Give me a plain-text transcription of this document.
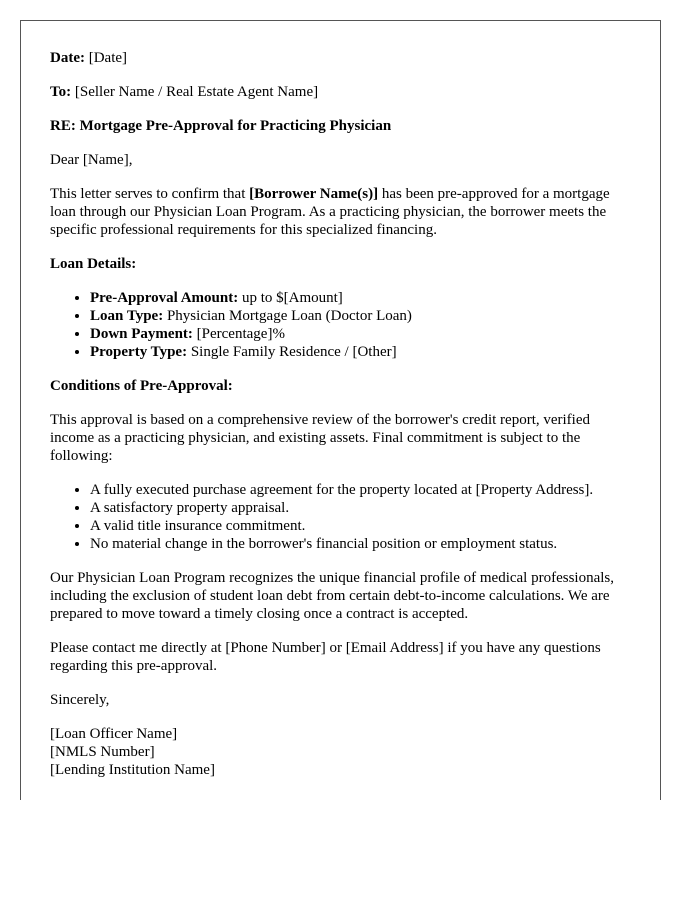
Date: [Date]

To: [Seller Name / Real Estate Agent Name]

RE: Mortgage Pre-Approval for Practicing Physician

Dear [Name],

This letter serves to confirm that [Borrower Name(s)] has been pre-approved for a mortgage loan through our Physician Loan Program. As a practicing physician, the borrower meets the specific professional requirements for this specialized financing.

Loan Details:
• Pre-Approval Amount: up to $[Amount]
• Loan Type: Physician Mortgage Loan (Doctor Loan)
• Down Payment: [Percentage]%
• Property Type: Single Family Residence / [Other]
Conditions of Pre-Approval:

This approval is based on a comprehensive review of the borrower's credit report, verified income as a practicing physician, and existing assets. Final commitment is subject to the following:

• A fully executed purchase agreement for the property located at [Property Address].
• A satisfactory property appraisal.
• A valid title insurance commitment.
• No material change in the borrower's financial position or employment status.

Our Physician Loan Program recognizes the unique financial profile of medical professionals, including the exclusion of student loan debt from certain debt-to-income calculations. We are prepared to move toward a timely closing once a contract is accepted.

Please contact me directly at [Phone Number] or [Email Address] if you have any questions regarding this pre-approval.

Sincerely,

[Loan Officer Name]
[NMLS Number]
[Lending Institution Name]
